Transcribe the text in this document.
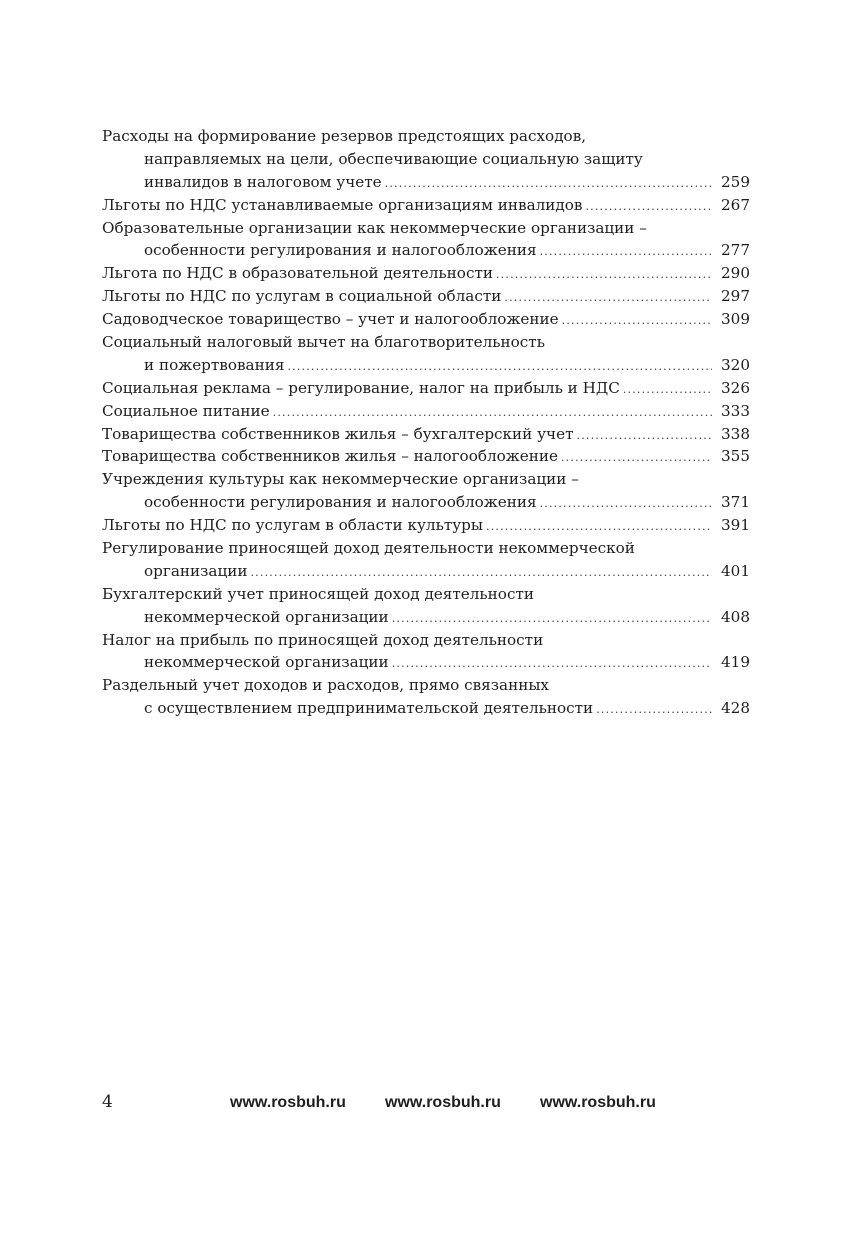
Расходы на формирование резервов предстоящих расходов,
направляемых на цели, обеспечивающие социальную защиту
инвалидов в налоговом учете .....	259
Льготы по НДС устанавливаемые организациям инвалидов .....	267
Образовательные организации как некоммерческие организации –
особенности регулирования и налогообложения .....	277
Льгота по НДС в образовательной деятельности .....	290
Льготы по НДС по услугам в социальной области .....	297
Садоводческое товарищество – учет и налогообложение .....	309
Социальный налоговый вычет на благотворительность
и пожертвования .....	320
Социальная реклама – регулирование, налог на прибыль и НДС .....	326
Социальное питание .....	333
Товарищества собственников жилья – бухгалтерский учет .....	338
Товарищества собственников жилья – налогообложение .....	355
Учреждения культуры как некоммерческие организации –
особенности регулирования и налогообложения .....	371
Льготы по НДС по услугам в области культуры .....	391
Регулирование приносящей доход деятельности некоммерческой
организации .....	401
Бухгалтерский учет приносящей доход деятельности
некоммерческой организации .....	408
Налог на прибыль по приносящей доход деятельности
некоммерческой организации .....	419
Раздельный учет доходов и расходов, прямо связанных
с осуществлением предпринимательской деятельности .....	428
4	www.rosbuh.ru www.rosbuh.ru www.rosbuh.ru
